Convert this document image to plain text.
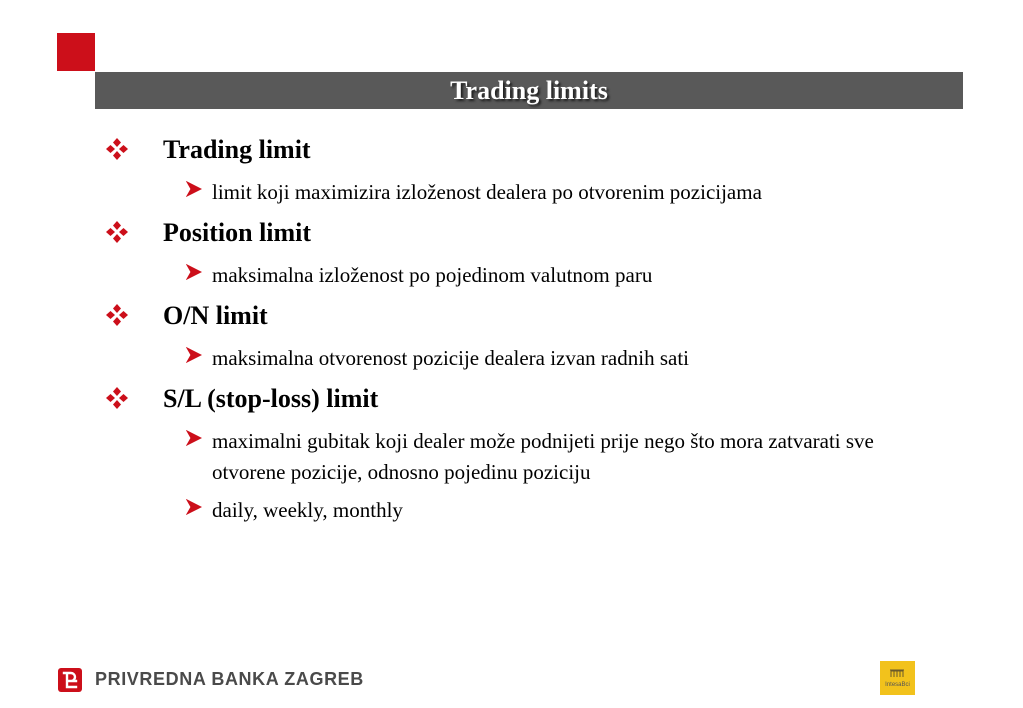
Trading limits
Trading limit
limit koji maximizira izloženost dealera po otvorenim pozicijama
Position limit
maksimalna izloženost po pojedinom valutnom paru
O/N limit
maksimalna otvorenost pozicije dealera izvan radnih sati
S/L (stop-loss) limit
maximalni gubitak koji dealer može podnijeti prije nego što mora zatvarati sve otvorene pozicije, odnosno pojedinu poziciju
daily, weekly, monthly
PRIVREDNA BANKA ZAGREB	IntesaBci
